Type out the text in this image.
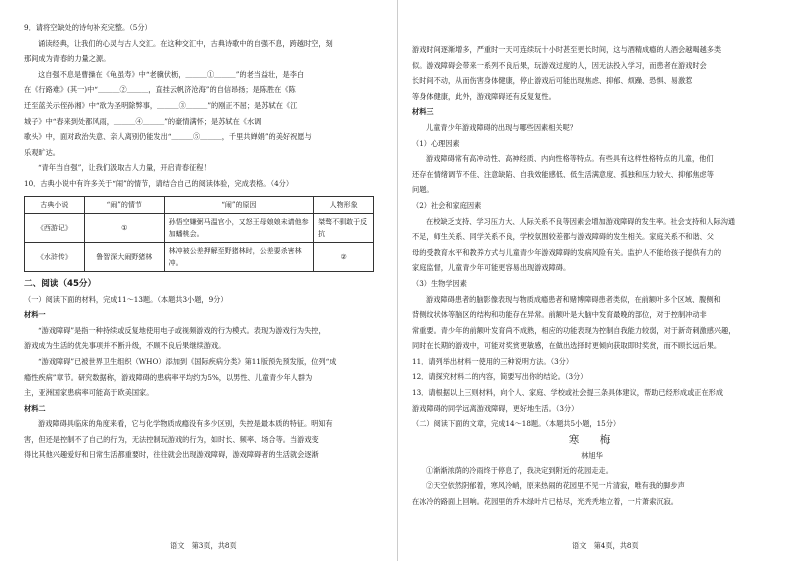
9．请将空缺处的诗句补充完整。（5分）
诵读经典，让我们的心灵与古人交汇。在这种交汇中，古典诗歌中的自强不息，跨越时空，刻
那间成为青春的力量之源。
这自强不息是曹操在《龟虽寿》中“老骥伏枥，＿＿＿①＿＿＿”的老当益壮，是李白
在《行路难》(其一)中“＿＿＿②＿＿＿，直挂云帆济沧海”的自信昂扬；是陈胜在《陈
迁至蓝关示侄孙湘》中“欲为圣明除弊事，＿＿＿③＿＿＿”的刚正不屈；是苏轼在《江
城子》中“春来到处都风雨，＿＿＿④＿＿＿”的豪情满怀；是苏轼在《水调
歌头》中，面对政治失意、亲人离别仍能发出“＿＿＿⑤＿＿＿，千里共婵娟”的美好祝愿与
乐观旷达。
“青年当自强”，让我们汲取古人力量，开启青春征程！
10．古典小说中有许多关于“闹”的情节，请结合自己的阅读体验，完成表格。（4分）
古典小说	“闹”的情节	“闹”的原因	人物形象
《西游记》	①	孙悟空嫌弼马温官小，又怒王母娘娘未请他参加蟠桃会。	桀骜不驯敢于反抗
《水浒传》	鲁智深大闹野猪林	林冲被公差押解至野猪林时，公差要杀害林冲。	②
二、阅读（45分）
（一）阅读下面的材料，完成11～13题。（本题共3小题，9分）
材料一
“游戏障碍”是指一种持续或反复地使用电子或视频游戏的行为模式。表现为游戏行为失控，
游戏成为生活的优先事项并不断升级，不顾不良后果继续游戏。
“游戏障碍”已被世界卫生组织（WHO）添加到《国际疾病分类》第11版预先预发版，位列“成
瘾性疾病”章节。研究数据称，游戏障碍的患病率平均约为5%，以男性、儿童青少年人群为
主，亚洲国家患病率可能高于欧美国家。
材料二
游戏障碍具临床的角度来看，它与化学物质成瘾没有多少区别，失控是最本质的特征。明知有
害，但还是控制不了自己的行为，无法控制玩游戏的行为，如时长、频率、场合等。当游戏变
得比其他兴趣爱好和日常生活都重要时，往往就会出现游戏障碍，游戏障碍者的生活就会逐渐
游戏时间逐渐增多，严重时一天可连续玩十小时甚至更长时间，这与酒精成瘾的人酒会越喝越多类
似。游戏障碍会带来一系列不良后果，玩游戏过度的人，因无法投入学习，而患者在游戏时会
长时间不动，从而伤害身体健康，停止游戏后可能出现焦虑、抑郁、烦躁、恐惧、易激惹
等身体健康，此外，游戏障碍还有反复复性。
材料三
儿童青少年游戏障碍的出现与哪些因素相关呢？
（1）心理因素
游戏障碍常有高冲动性、高神经质、内向性格等特点。有些具有这样性格特点的儿童，他们
还存在情绪调节不佳、注意缺陷、自我效能感低、低生活满意度、孤独和压力较大、抑郁焦虑等
问题。
（2）社会和家庭因素
在校缺乏支持、学习压力大、人际关系不良等因素会增加游戏障碍的发生率。社会支持和人际沟通
不足，师生关系、同学关系不良，学校氛围较差都与游戏障碍的发生相关。家庭关系不和谐、父
母的受教育水平和教养方式与儿童青少年游戏障碍的发病风险有关。监护人不能给孩子提供有力的
家庭监督，儿童青少年可能更容易出现游戏障碍。
（3）生物学因素
游戏障碍患者的脑影像表现与物质成瘾患者和赌博障碍患者类似，在前额叶多个区域、腹侧和
背侧纹状体等脑区的结构和功能存在异常。前额叶是大脑中发育最晚的部位，对于控制冲动非
常重要。青少年的前额叶发育尚不成熟，相应的功能表现为控制自我能力较弱，对于新奇刺激感兴趣，
同时在长期的游戏中，可能对奖赏更敏感，在做出选择时更倾向获取即时奖赏，而不顾长远后果。
11．请列举出材料一使用的三种说明方法。（3分）
12．请探究材料二的内容，简要写出你的结论。（3分）
13．请根据以上三则材料，向个人、家庭、学校或社会提三条具体建议，帮助已经形成或正在形成
游戏障碍的同学远离游戏障碍，更好地生活。（3分）
（二）阅读下面的文章，完成14～18题。（本题共5小题，15分）
寒　梅
林旭华
①渐渐浓荫的冷雨终于停息了，我决定到附近的花园走走。
②天空依然阴郁着，寒风冷峭，原来热闹的花园里不见一片清寂，唯有我的脚步声
在冰冷的路面上回响。花园里的乔木绿叶片已枯尽，光秃秃地立着，一片萧索沉寂。
语文　第3页，共8页	语文　第4页，共8页
